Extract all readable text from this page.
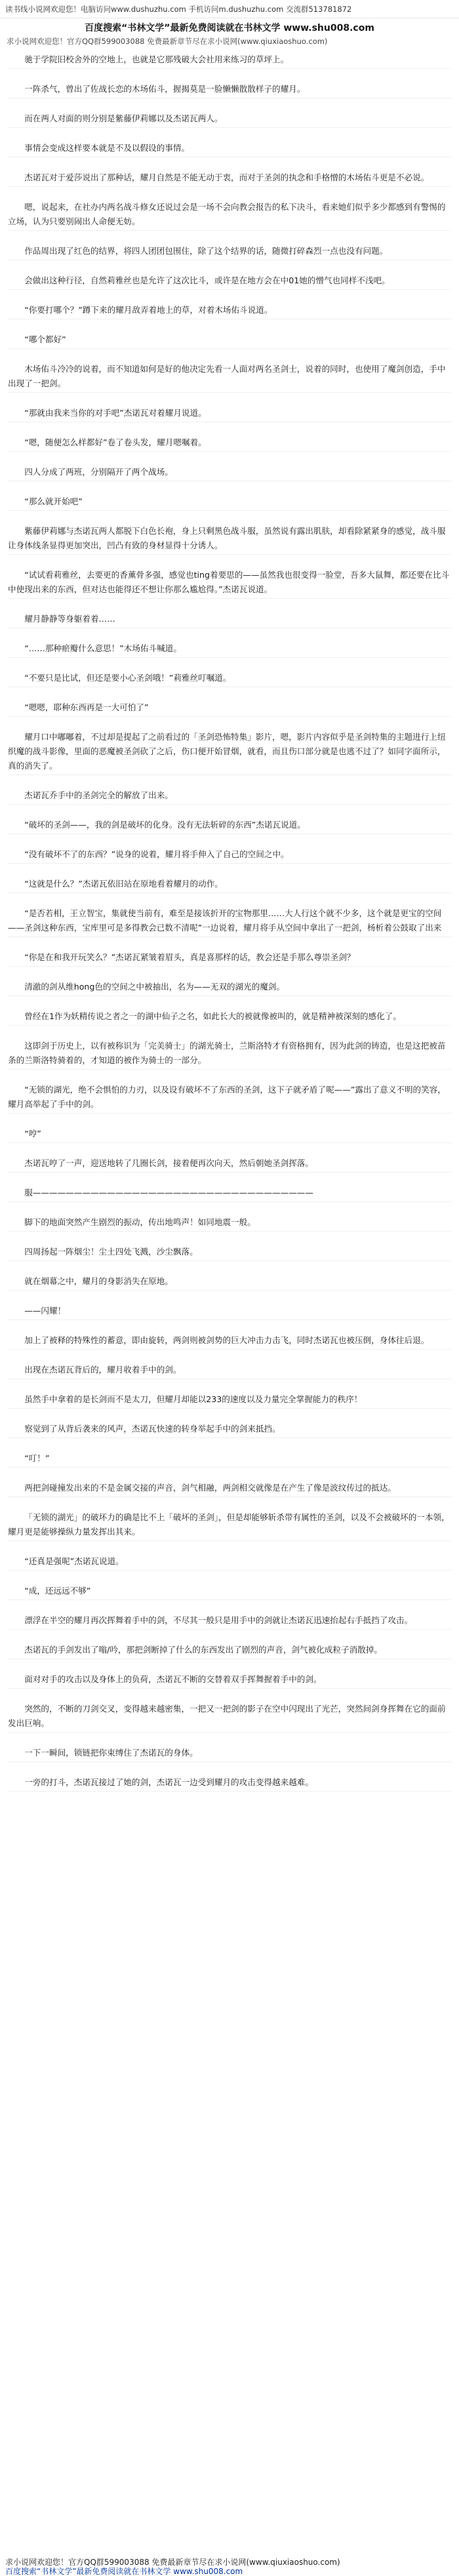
读书线小说网欢迎您！电脑访问www.dushuzhu.com 手机访问m.dushuzhu.com 交流群513781872
百度搜索“书林文学”最新免费阅读就在书林文学 www.shu008.com
求小说网欢迎您！官方QQ群599003088 免费最新章节尽在求小说网(www.qiuxiaoshuo.com)

驰于学院旧校舍外的空地上，也就是它那残破大会社用来练习的草坪上。

一阵杀气，曾出了佐战长恋的木场佑斗，握揭莫是一脸懒懒散散样子的耀月。

而在两人对面的则分别是紫藤伊莉娜以及杰诺瓦两人。

事情会变成这样要本就是不及以假设的事情。

杰诺瓦对于爱莎说出了那种话，耀月自然是不能无动于衷，而对于圣剑的执念和手格憎的木场佑斗更是不必说。

嗯，说起来，在社办内两名战斗修女还说过会是一场不会向教会报告的私下决斗，看来她们似乎多少都感到有警惕的立场，认为只要别闹出人命便无妨。

作品周出现了红色的结界，将四人团团包围住，除了这个结界的话，随微打碎森烈一点也没有问题。

会做出这种行径，自然莉雅丝也是允许了这次比斗，或许是在地方会在中01她的憎气也同样不浅吧。

“你要打哪个？”蹲下来的耀月敌弄着地上的草，对着木场佑斗说道。

“哪个都好”

木场佑斗冷冷的说着，而不知道如何是好的他决定先看一人面对两名圣剑士，说着的同时，也使用了魔剑创造，手中出现了一把剑。

“那就由我来当你的对手吧”杰诺瓦对着耀月说道。

“嗯，随便怎么样都好”卷了卷头发，耀月嗯嘱着。

四人分成了两班，分别隔开了两个战场。

“那么就开始吧”

紫藤伊莉娜与杰诺瓦两人都脱下白色长袍，身上只剩黑色战斗服，虽然说有露出肌肤，却看除紧紧身的感觉，战斗服让身体线条显得更加突出，凹凸有致的身材显得十分诱人。

“试试看莉雅丝，去要更的香薰骨多强，感觉也ting着要思的——虽然我也很变得一脸堂，吾多大鼠舞，都还要在比斗中使现出来的东西，但对达也能得还不想让你那么尴尬得。”杰诺瓦说道。

耀月静静等身躯着着……

“……那种瘀瓣什么意思！”木场佑斗喊道。

“不要只是比试，但还是要小心圣剑哦！”莉雅丝叮嘱道。

“嗯嗯，耶种东西再是一大可怕了”

耀月口中嘟嘟着，不过却是提起了之前看过的「圣剑恐怖特集」影片，嗯，影片内容似乎是圣剑特集的主题进行上纽织魔的战斗影像，里面的恶魔被圣剑砍了之后，伤口便开始冒烟，就看，而且伤口部分就是也逃不过了？如同字面所示，真的消失了。

杰诺瓦乔手中的圣剑完全的解放了出来。

“破坏的圣剑——，我的剑是破坏的化身。没有无法斩碎的东西”杰诺瓦说道。

“没有破坏不了的东西？”说身的说着，耀月将手伸入了自己的空间之中。

“这就是什么？”杰诺瓦依旧站在原地看着耀月的动作。

“是否若相，王立智宝，集就使当前有，难至是接该折开的宝物那里……大人行这个就不少多，这个就是更宝的空间——圣剑这种东西，宝库里可是多得教会已数不清呢”一边说着，耀月将手从空间中拿出了一把剑，杨析着公鼓取了出来

“你是在和我开玩笑么？”杰诺瓦紧皱着眉头，真是喜那样的话，教会还是手那么尊崇圣剑？

清澈的剑从维hong色的空间之中被抽出，名为——无双的湖光的魔剑。

曾经在1作为妖精传说之者之一的湖中仙子之名，如此长大的被就像被叫的，就是精神被深刻的感化了。

这即剑于历史上，以有被称识为「完美骑士」的湖光骑士，兰斯洛特才有资格拥有，因为此剑的铸造，也是这把被苗条的兰斯洛特骑着的，才知道的被作为骑士的一部分。

“无锁的湖光，绝不会惧怕的力刃，以及设有破坏不了东西的圣剑，这下子就矛盾了呢——”露出了意义不明的笑容，耀月高举起了手中的剑。

“哼”

杰诺瓦哼了一声，迎送地转了几圈长剑，接着便再次向天，然后朝她圣剑挥落。

服——————————————————————————————————

脚下的地面突然产生剧烈的振动，传出地鸣声！如同地震一般。

四周扬起一阵烟尘！尘土四处飞溅，沙尘飘落。

就在烟幕之中，耀月的身影消失在原地。

——闪耀！

加上了被释的特殊性的蓄意，即由旋转，两剑则被剑势的巨大冲击力击飞，同时杰诺瓦也被压倒，身体往后退。

出现在杰诺瓦背后的，耀月收着手中的剑。

虽然手中拿着的是长剑而不是太刀，但耀月却能以233的速度以及力量完全掌握能力的秩序！

察觉到了从背后袭来的风声，杰诺瓦快速的转身举起手中的剑来抵挡。

“叮！”

两把剑碰撞发出来的不是金属交接的声音，剑气相融，两剑相交就像是在产生了像是波纹传过的抵达。

「无锁的湖光」的破坏力的确是比不上「破坏的圣剑」，但是却能够斩杀带有属性的圣剑，以及不会被破坏的一本领，耀月更是能够操纵力量发挥出其来。

“还真是强呢”杰诺瓦说道。

“成，还远远不够”

漂浮在半空的耀月再次挥舞着手中的剑，不尽其一般只是用手中的剑就让杰诺瓦迅速抬起右手抵挡了攻击。

杰诺瓦的手剑发出了嗡/吟，那把剑断掉了什么的东西发出了剧烈的声音，剑气被化成粒子消散掉。

面对对手的攻击以及身体上的负荷，杰诺瓦不断的交替着双手挥舞握着手中的剑。

突然的，不断的刀剑交叉，变得越来越密集，一把又一把剑的影子在空中闪现出了光芒，突然间剑身挥舞在它的面前发出巨响。

一下一瞬间，锁链把你束缚住了杰诺瓦的身体。

一旁的打斗，杰诺瓦接过了她的剑，杰诺瓦一边受到耀月的攻击变得越来越难。

求小说网欢迎您！官方QQ群599003088 免费最新章节尽在求小说网(www.qiuxiaoshuo.com)
百度搜索“书林文学”最新免费阅读就在书林文学 www.shu008.com
